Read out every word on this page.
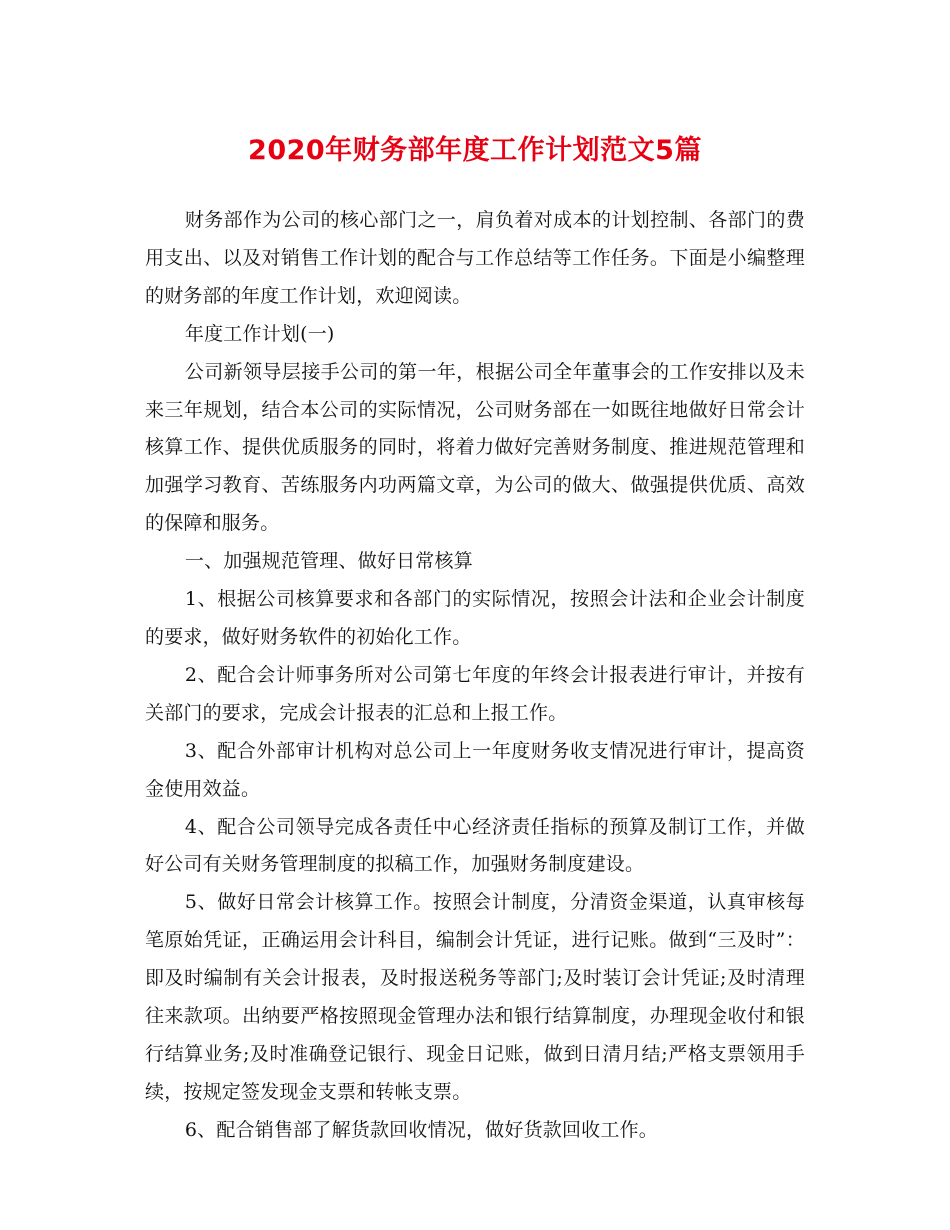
2020年财务部年度工作计划范文5篇

财务部作为公司的核心部门之一，肩负着对成本的计划控制、各部门的费用支出、以及对销售工作计划的配合与工作总结等工作任务。下面是小编整理的财务部的年度工作计划，欢迎阅读。

年度工作计划(一)

公司新领导层接手公司的第一年，根据公司全年董事会的工作安排以及未来三年规划，结合本公司的实际情况，公司财务部在一如既往地做好日常会计核算工作、提供优质服务的同时，将着力做好完善财务制度、推进规范管理和加强学习教育、苦练服务内功两篇文章，为公司的做大、做强提供优质、高效的保障和服务。

一、加强规范管理、做好日常核算

1、根据公司核算要求和各部门的实际情况，按照会计法和企业会计制度的要求，做好财务软件的初始化工作。

2、配合会计师事务所对公司第七年度的年终会计报表进行审计，并按有关部门的要求，完成会计报表的汇总和上报工作。

3、配合外部审计机构对总公司上一年度财务收支情况进行审计，提高资金使用效益。

4、配合公司领导完成各责任中心经济责任指标的预算及制订工作，并做好公司有关财务管理制度的拟稿工作，加强财务制度建设。

5、做好日常会计核算工作。按照会计制度，分清资金渠道，认真审核每笔原始凭证，正确运用会计科目，编制会计凭证，进行记账。做到“三及时”：即及时编制有关会计报表，及时报送税务等部门;及时装订会计凭证;及时清理往来款项。出纳要严格按照现金管理办法和银行结算制度，办理现金收付和银行结算业务;及时准确登记银行、现金日记账，做到日清月结;严格支票领用手续，按规定签发现金支票和转帐支票。

6、配合销售部了解货款回收情况，做好货款回收工作。
